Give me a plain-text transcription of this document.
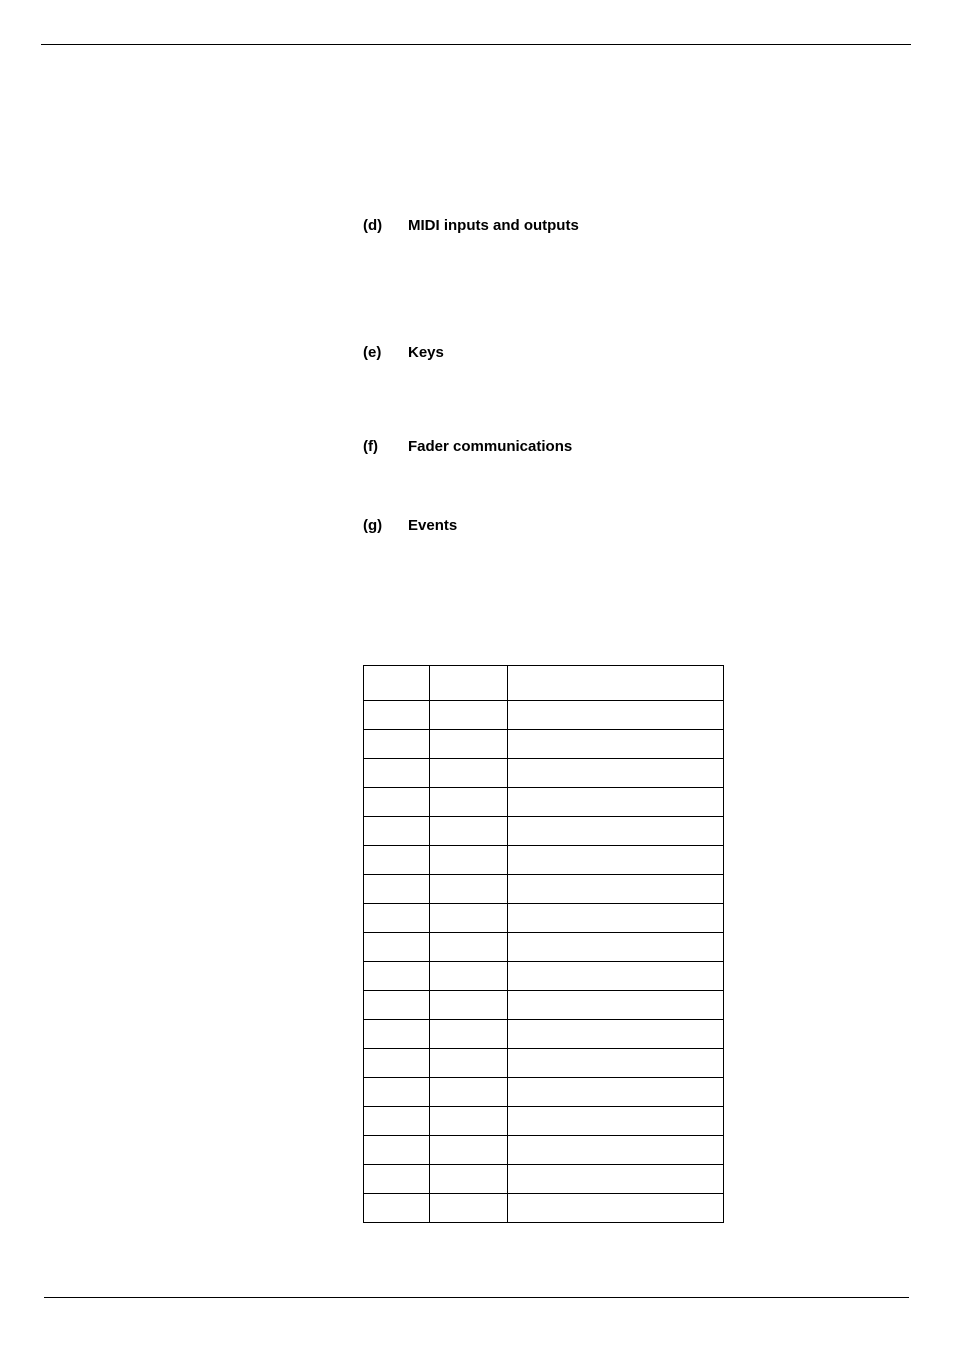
(d) MIDI inputs and outputs
(e) Keys
(f) Fader communications
(g) Events
